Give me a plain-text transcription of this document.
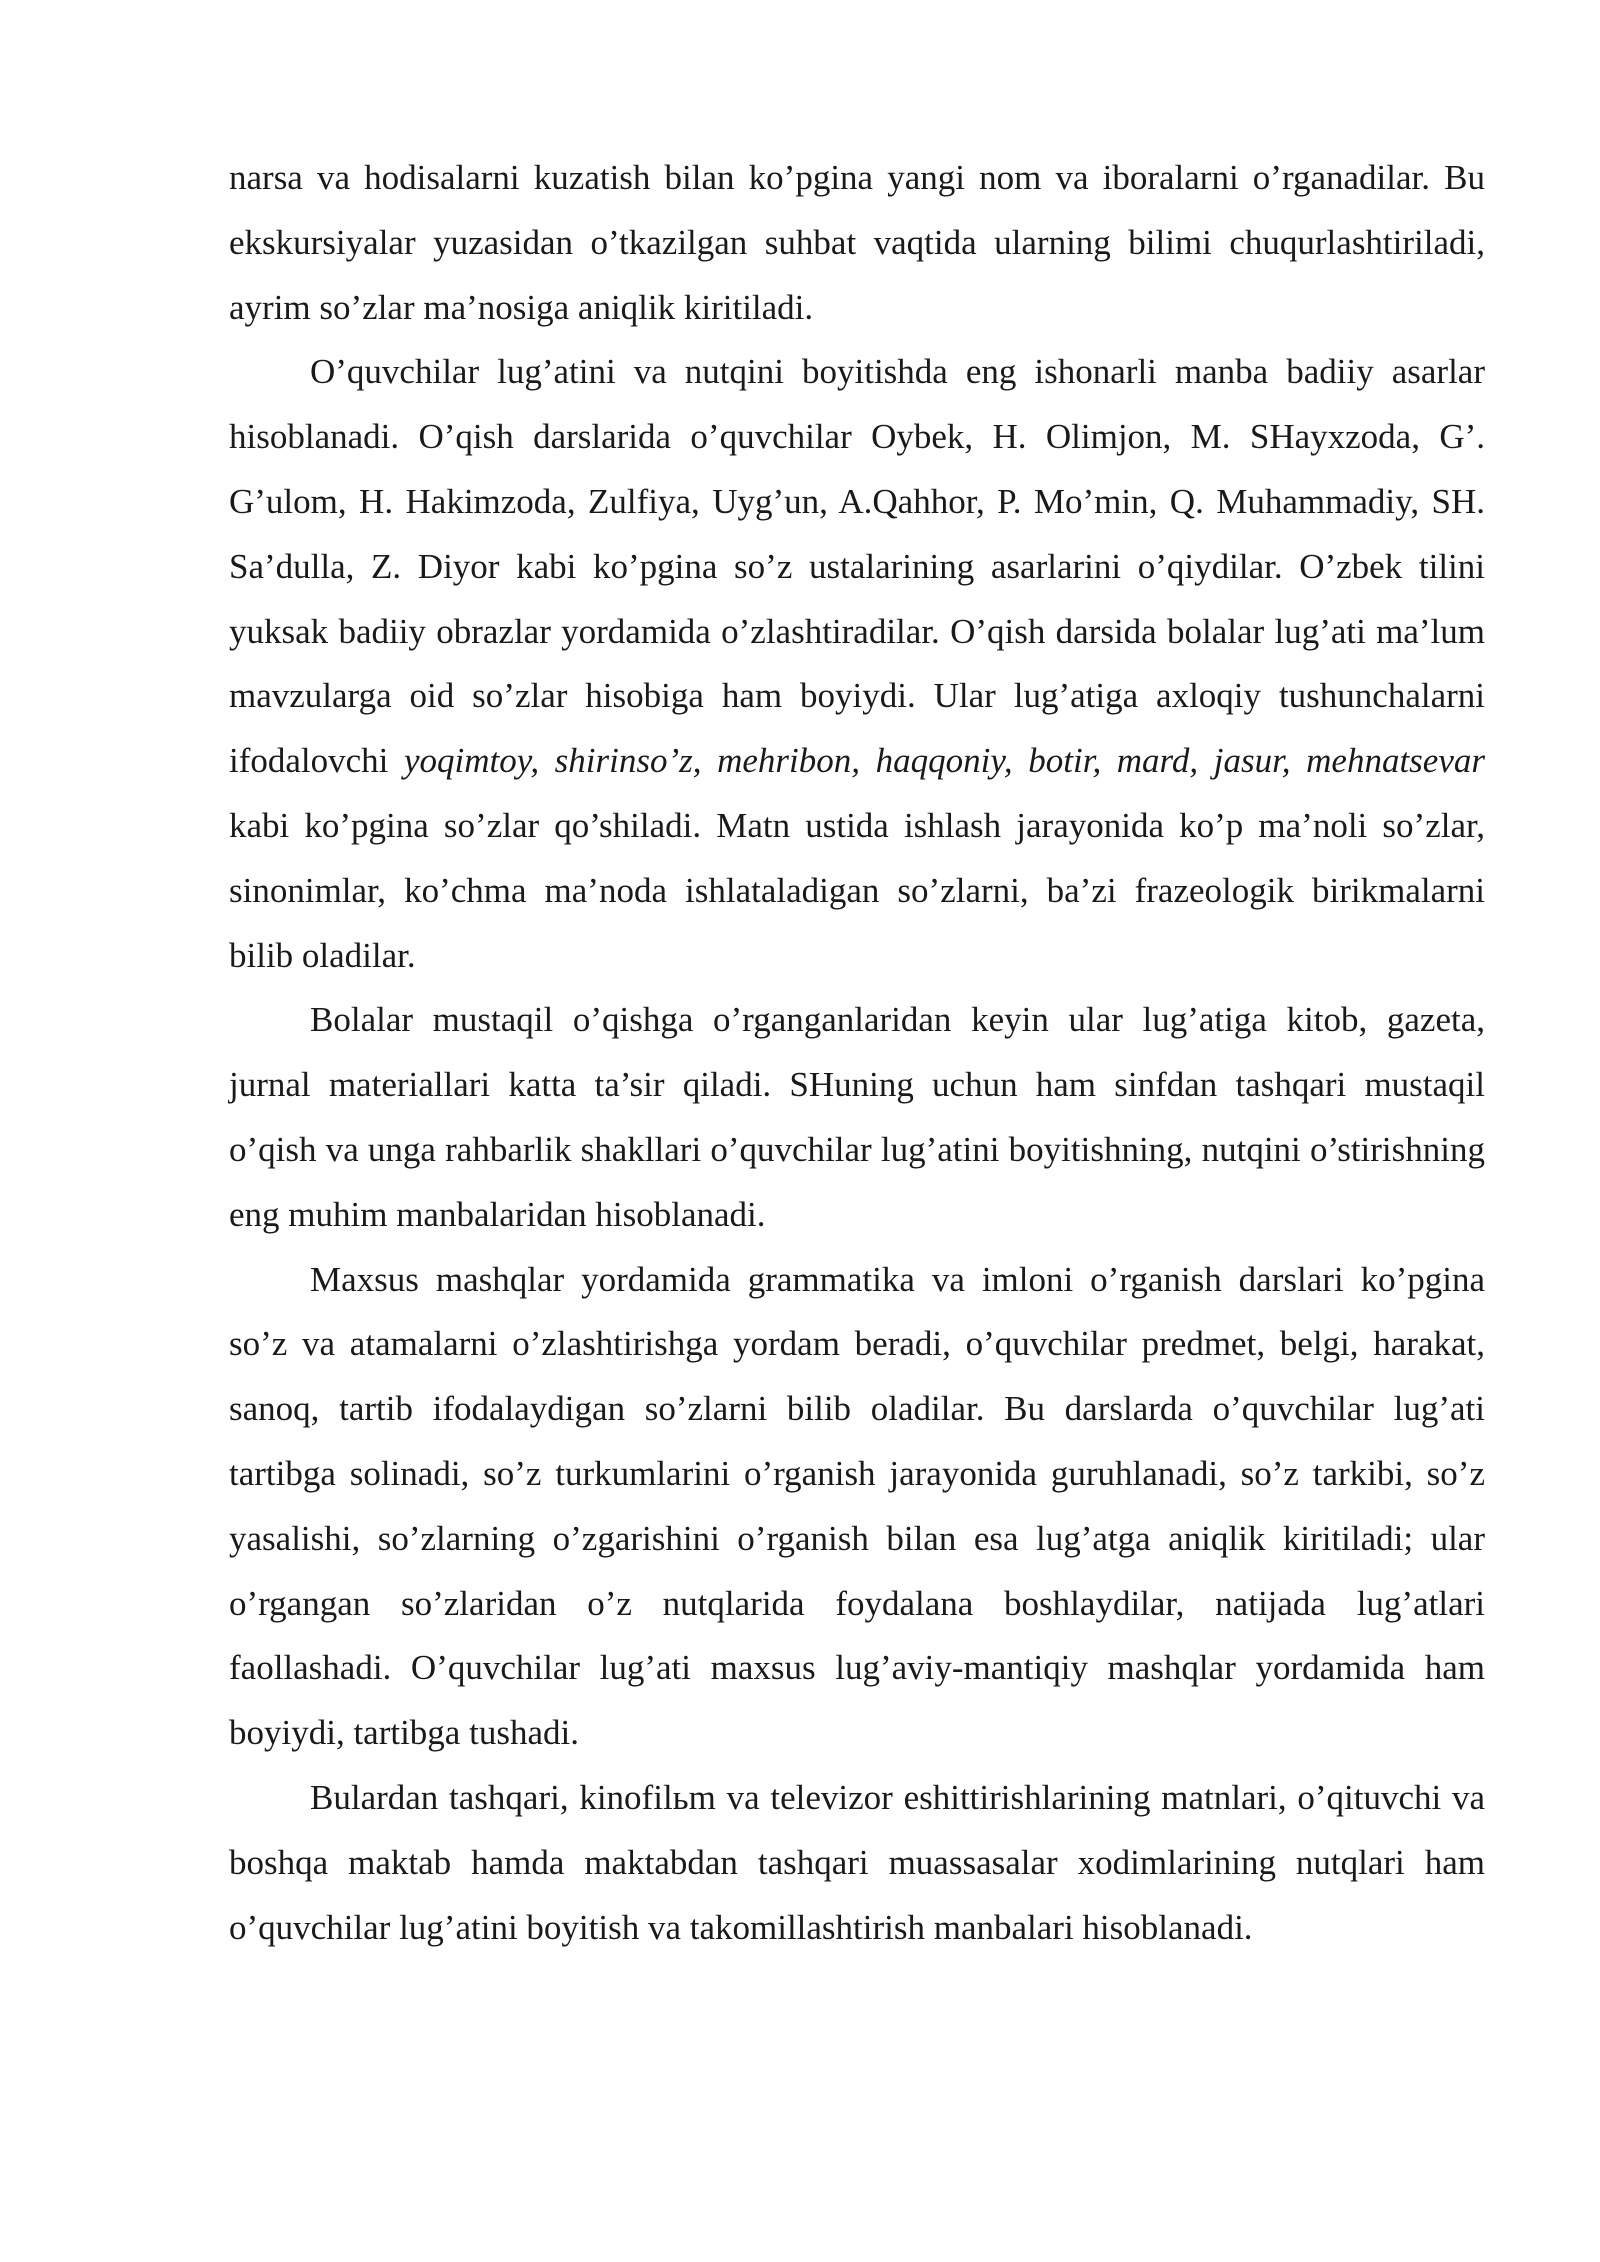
narsa va hodisalarni kuzatish bilan ko’pgina yangi nom va iboralarni o’rganadilar. Bu ekskursiyalar yuzasidan o’tkazilgan suhbat vaqtida ularning bilimi chuqurlashtiriladi, ayrim so’zlar ma’nosiga aniqlik kiritiladi.

O’quvchilar lug’atini va nutqini boyitishda eng ishonarli manba badiiy asarlar hisoblanadi. O’qish darslarida o’quvchilar Oybek, H. Olimjon, M. SHayxzoda, G’. G’ulom, H. Hakimzoda, Zulfiya, Uyg’un, A.Qahhor, P. Mo’min, Q. Muhammadiy, SH. Sa’dulla, Z. Diyor kabi ko’pgina so’z ustalarining asarlarini o’qiydilar. O’zbek tilini yuksak badiiy obrazlar yordamida o’zlashtiradilar. O’qish darsida bolalar lug’ati ma’lum mavzularga oid so’zlar hisobiga ham boyiydi. Ular lug’atiga axloqiy tushunchalarni ifodalovchi yoqimtoy, shirinso’z, mehribon, haqqoniy, botir, mard, jasur, mehnatsevar kabi ko’pgina so’zlar qo’shiladi. Matn ustida ishlash jarayonida ko’p ma’noli so’zlar, sinonimlar, ko’chma ma’noda ishlataladigan so’zlarni, ba’zi frazeologik birikmalarni bilib oladilar.

Bolalar mustaqil o’qishga o’rganganlaridan keyin ular lug’atiga kitob, gazeta, jurnal materiallari katta ta’sir qiladi. SHuning uchun ham sinfdan tashqari mustaqil o’qish va unga rahbarlik shakllari o’quvchilar lug’atini boyitishning, nutqini o’stirishning eng muhim manbalaridan hisoblanadi.

Maxsus mashqlar yordamida grammatika va imloni o’rganish darslari ko’pgina so’z va atamalarni o’zlashtirishga yordam beradi, o’quvchilar predmet, belgi, harakat, sanoq, tartib ifodalaydigan so’zlarni bilib oladilar. Bu darslarda o’quvchilar lug’ati tartibga solinadi, so’z turkumlarini o’rganish jarayonida guruhlanadi, so’z tarkibi, so’z yasalishi, so’zlarning o’zgarishini o’rganish bilan esa lug’atga aniqlik kiritiladi; ular o’rgangan so’zlaridan o’z nutqlarida foydalana boshlaydilar, natijada lug’atlari faollashadi. O’quvchilar lug’ati maxsus lug’aviy-mantiqiy mashqlar yordamida ham boyiydi, tartibga tushadi.

Bulardan tashqari, kinofilьm va televizor eshittirishlarining matnlari, o’qituvchi va boshqa maktab hamda maktabdan tashqari muassasalar xodimlarining nutqlari ham o’quvchilar lug’atini boyitish va takomillashtirish manbalari hisoblanadi.
